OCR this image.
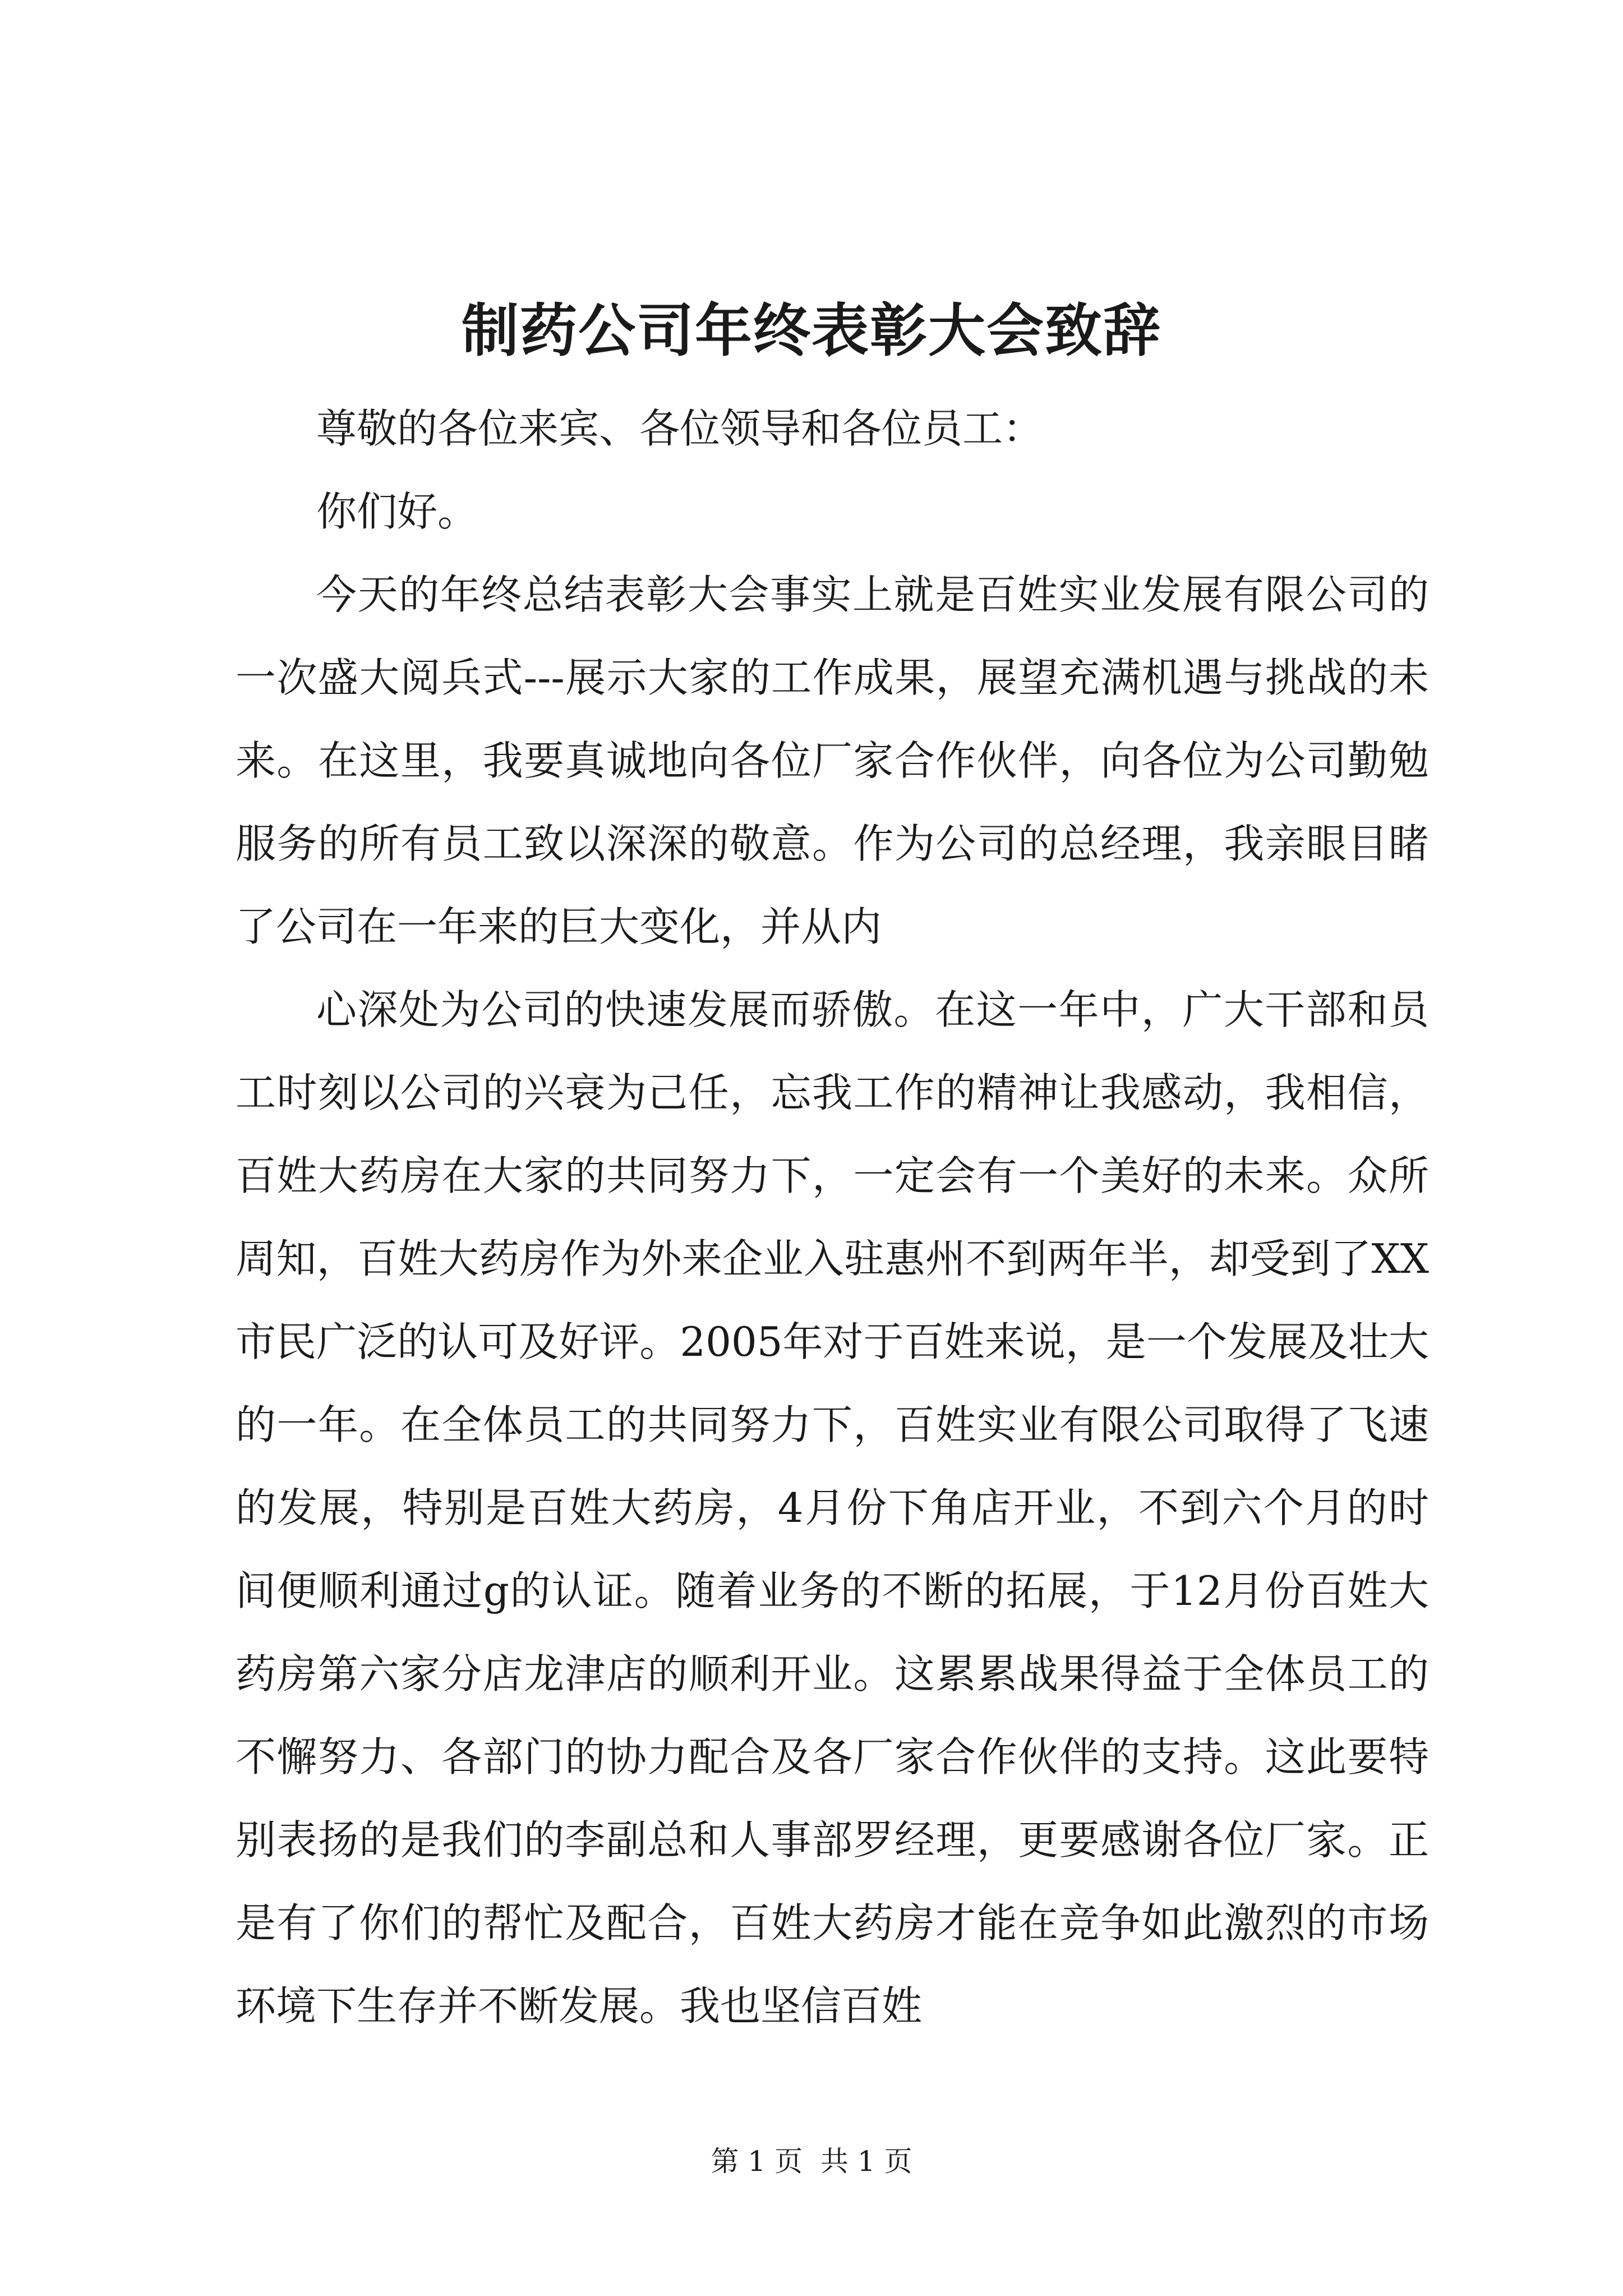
制药公司年终表彰大会致辞

尊敬的各位来宾、各位领导和各位员工：

你们好。

今天的年终总结表彰大会事实上就是百姓实业发展有限公司的一次盛大阅兵式---展示大家的工作成果，展望充满机遇与挑战的未来。在这里，我要真诚地向各位厂家合作伙伴，向各位为公司勤勉服务的所有员工致以深深的敬意。作为公司的总经理，我亲眼目睹了公司在一年来的巨大变化，并从内

心深处为公司的快速发展而骄傲。在这一年中，广大干部和员工时刻以公司的兴衰为己任，忘我工作的精神让我感动，我相信，百姓大药房在大家的共同努力下，一定会有一个美好的未来。众所周知，百姓大药房作为外来企业入驻惠州不到两年半，却受到了XX市民广泛的认可及好评。2005年对于百姓来说，是一个发展及壮大的一年。在全体员工的共同努力下，百姓实业有限公司取得了飞速的发展，特别是百姓大药房，4月份下角店开业，不到六个月的时间便顺利通过g的认证。随着业务的不断的拓展，于12月份百姓大药房第六家分店龙津店的顺利开业。这累累战果得益于全体员工的不懈努力、各部门的协力配合及各厂家合作伙伴的支持。这此要特别表扬的是我们的李副总和人事部罗经理，更要感谢各位厂家。正是有了你们的帮忙及配合，百姓大药房才能在竞争如此激烈的市场环境下生存并不断发展。我也坚信百姓

第 1 页  共 1 页
